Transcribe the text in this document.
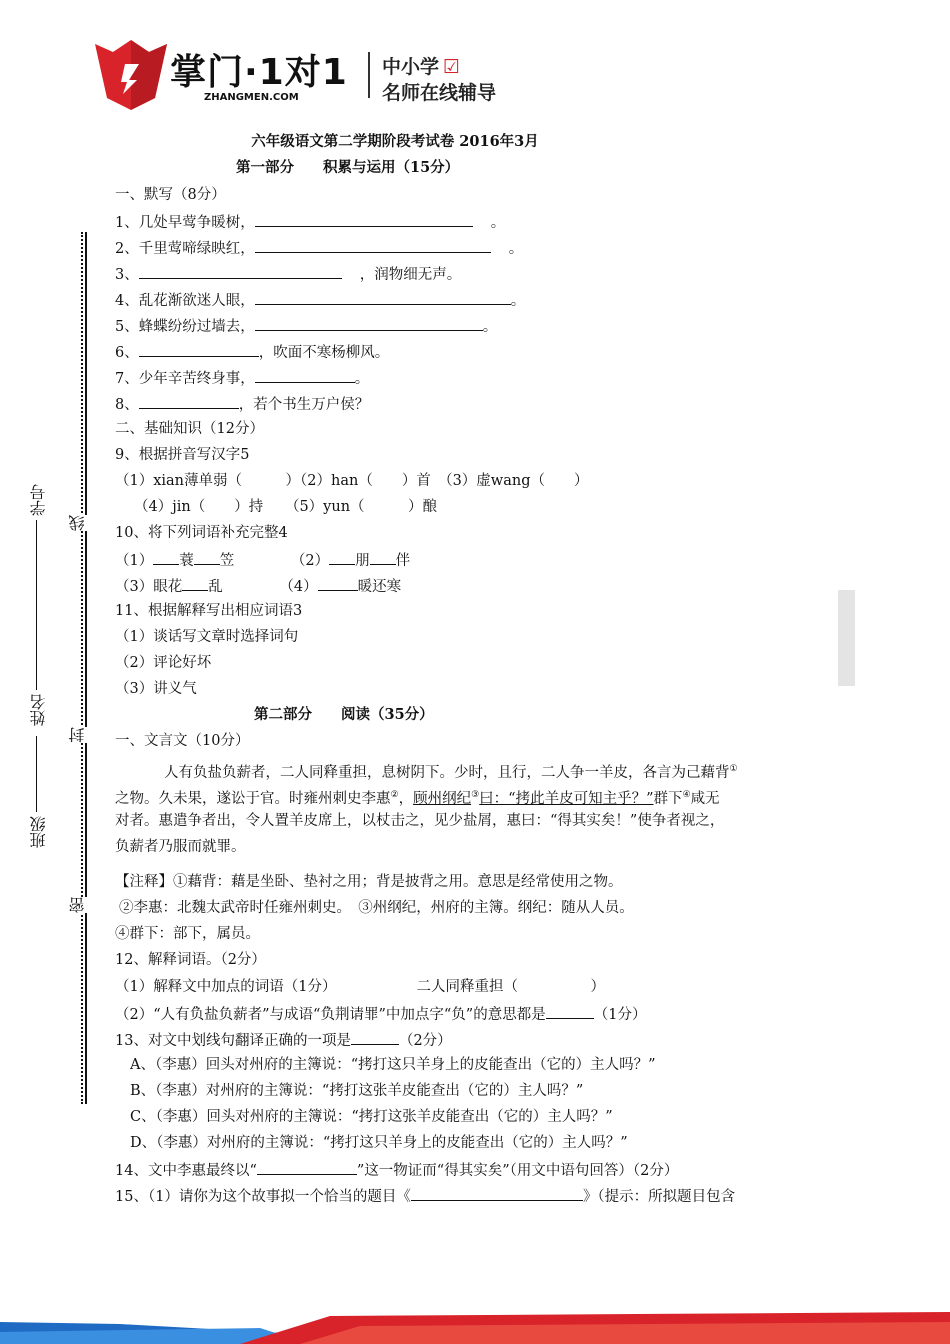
掌门·1对1
ZHANGMEN.COM
中小学 ☑
名师在线辅导
六年级语文第二学期阶段考试卷 2016年3月
第一部分　　积累与运用（15分）
一、默写（8分）
1、几处早莺争暖树，	。
2、千里莺啼绿映红，	。
3、	，润物细无声。
4、乱花渐欲迷人眼，	。
5、蜂蝶纷纷过墙去，	。
6、	，吹面不寒杨柳风。
7、少年辛苦终身事，	。
8、	，若个书生万户侯？
二、基础知识（12分）
9、根据拼音写汉字5
（1）xian薄单弱（　　　）（2）han（　　）首　（3）虚wang（　　）
（4）jin（　　）持　　（5）yun（　　　）酿
10、将下列词语补充完整4
（1） 蓑 笠	（2） 朋 伴
（3）眼花 乱	（4）	暖还寒
11、根据解释写出相应词语3
（1）谈话写文章时选择词句
（2）评论好坏
（3）讲义气
第二部分　　阅读（35分）
一、文言文（10分）
人有负盐负薪者，二人同释重担，息树阴下。少时，且行，二人争一羊皮，各言为己藉背①
之物。久未果，遂讼于官。时雍州刺史李惠②，顾州纲纪③曰：“拷此羊皮可知主乎？”群下④咸无
对者。惠遣争者出，令人置羊皮席上，以杖击之，见少盐屑，惠曰：“得其实矣！”使争者视之，
负薪者乃服而就罪。
【注释】①藉背：藉是坐卧、垫衬之用；背是披背之用。意思是经常使用之物。
②李惠：北魏太武帝时任雍州刺史。　③州纲纪，州府的主簿。纲纪：随从人员。
④群下：部下，属员。
12、解释词语。（2分）
（1）解释文中加点的词语（1分）	二人同释重担（　　　　　）
（2）“人有负盐负薪者”与成语“负荆请罪”中加点字“负”的意思都是	（1分）
13、对文中划线句翻译正确的一项是	（2分）
A、（李惠）回头对州府的主簿说：“拷打这只羊身上的皮能查出（它的）主人吗？”
B、（李惠）对州府的主簿说：“拷打这张羊皮能查出（它的）主人吗？”
C、（李惠）回头对州府的主簿说：“拷打这张羊皮能查出（它的）主人吗？”
D、（李惠）对州府的主簿说：“拷打这只羊身上的皮能查出（它的）主人吗？”
14、文中李惠最终以“	”这一物证而“得其实矣”（用文中语句回答）（2分）
15、（1）请你为这个故事拟一个恰当的题目《	》（提示：所拟题目包含
学号
姓名
班级
线
封
密
